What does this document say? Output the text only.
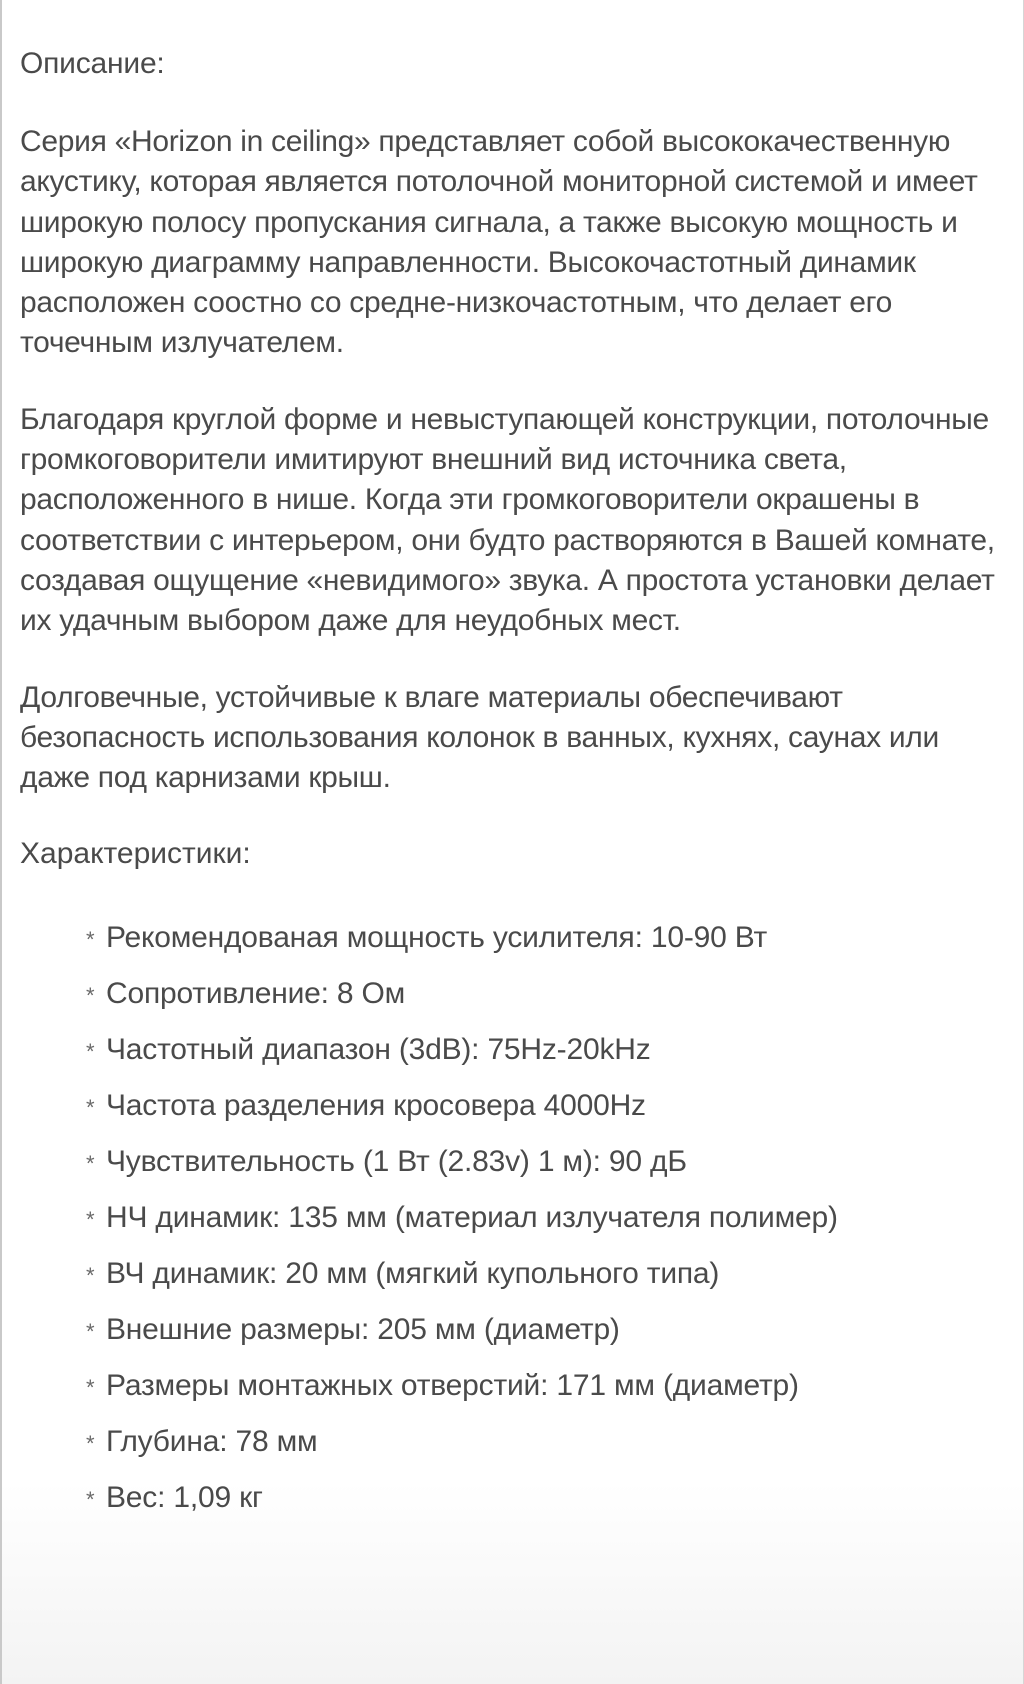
Описание:

Серия «Horizon in ceiling» представляет собой высококачественную акустику, которая является потолочной мониторной системой и имеет широкую полосу пропускания сигнала, а также высокую мощность и широкую диаграмму направленности. Высокочастотный динамик расположен соостно со средне-низкочастотным, что делает его точечным излучателем.

Благодаря круглой форме и невыступающей конструкции, потолочные громкоговорители имитируют внешний вид источника света, расположенного в нише. Когда эти громкоговорители окрашены в соответствии с интерьером, они будто растворяются в Вашей комнате, создавая ощущение «невидимого» звука. А простота установки делает их удачным выбором даже для неудобных мест.

Долговечные, устойчивые к влаге материалы обеспечивают безопасность использования колонок в ванных, кухнях, саунах или даже под карнизами крыш.

Характеристики:
* Рекомендованая мощность усилителя: 10-90 Вт
* Сопротивление: 8 Ом
* Частотный диапазон (3dB): 75Hz-20kHz
* Частота разделения кросовера 4000Hz
* Чувствительность (1 Вт (2.83v) 1 м): 90 дБ
* НЧ динамик: 135 мм (материал излучателя полимер)
* ВЧ динамик: 20 мм (мягкий купольного типа)
* Внешние размеры: 205 мм (диаметр)
* Размеры монтажных отверстий: 171 мм (диаметр)
* Глубина: 78 мм
* Вес: 1,09 кг
